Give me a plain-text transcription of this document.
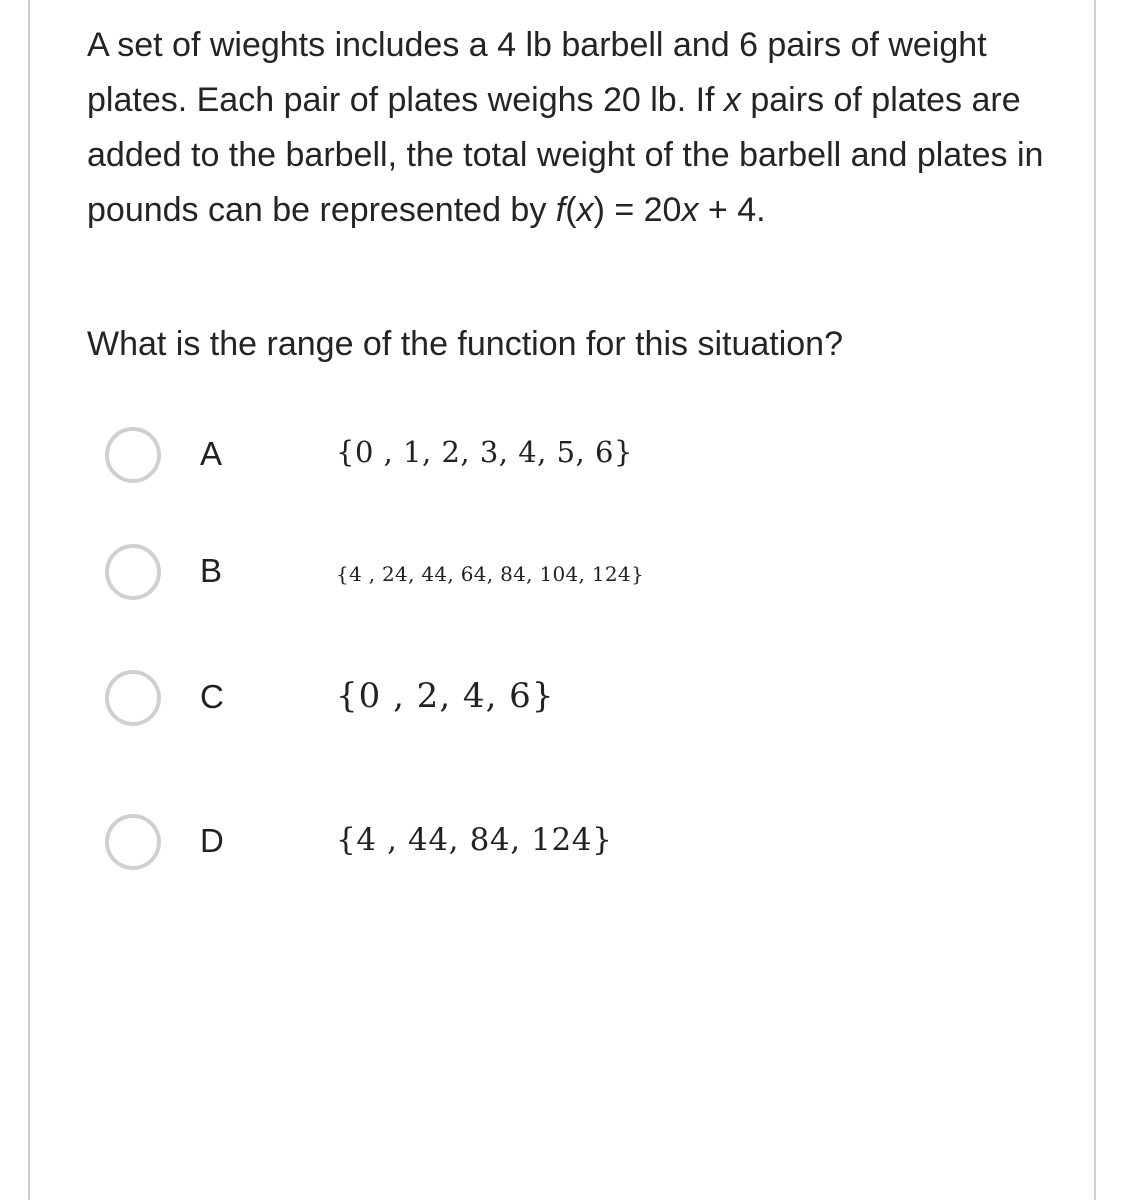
A set of wieghts includes a 4 lb barbell and 6 pairs of weight plates. Each pair of plates weighs 20 lb. If x pairs of plates are added to the barbell, the total weight of the barbell and plates in pounds can be represented by f(x) = 20x + 4.

What is the range of the function for this situation?

A	{0 , 1, 2, 3, 4, 5, 6}
B	{4 , 24, 44, 64, 84, 104, 124}
C	{0 , 2, 4, 6}
D	{4 , 44, 84, 124}
